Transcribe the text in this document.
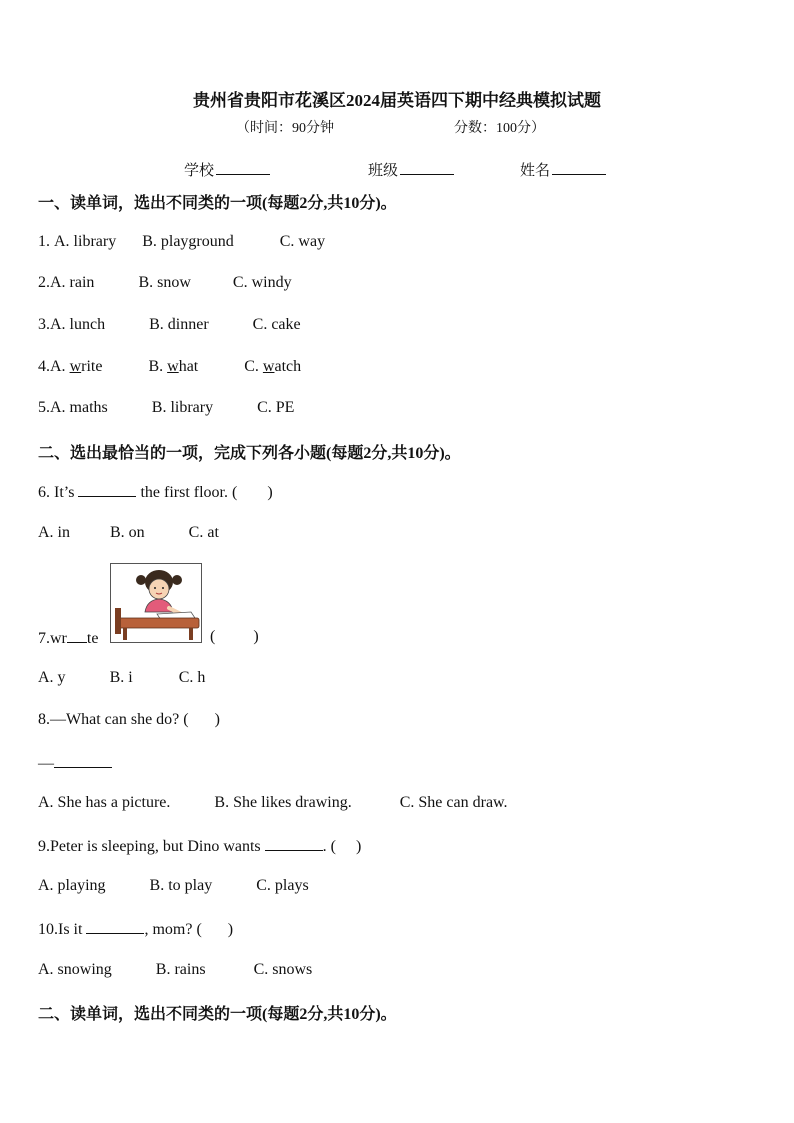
贵州省贵阳市花溪区2024届英语四下期中经典模拟试题
（时间：90分钟	分数：100分）
学校	班级	姓名
一、读单词，选出不同类的一项(每题2分,共10分)。
1. A. library B. playground	C. way
2.A. rain	B. snow	C. windy
3.A. lunch	B. dinner	C. cake
4.A. write	B. what	C. watch
5.A. maths	B. library	C. PE
二、选出最恰当的一项，完成下列各小题(每题2分,共10分)。
6. It’s	the first floor. ( )
A. in	B. on	C. at
7.wr te	( )
A. y	B. i	C. h
8.—What can she do? ( )
—
A. She has a picture.	B. She likes drawing.	C. She can draw.
9.Peter is sleeping, but Dino wants	. ( )
A. playing	B. to play	C. plays
10.Is it	, mom? ( )
A. snowing	B. rains	C. snows
二、读单词，选出不同类的一项(每题2分,共10分)。
